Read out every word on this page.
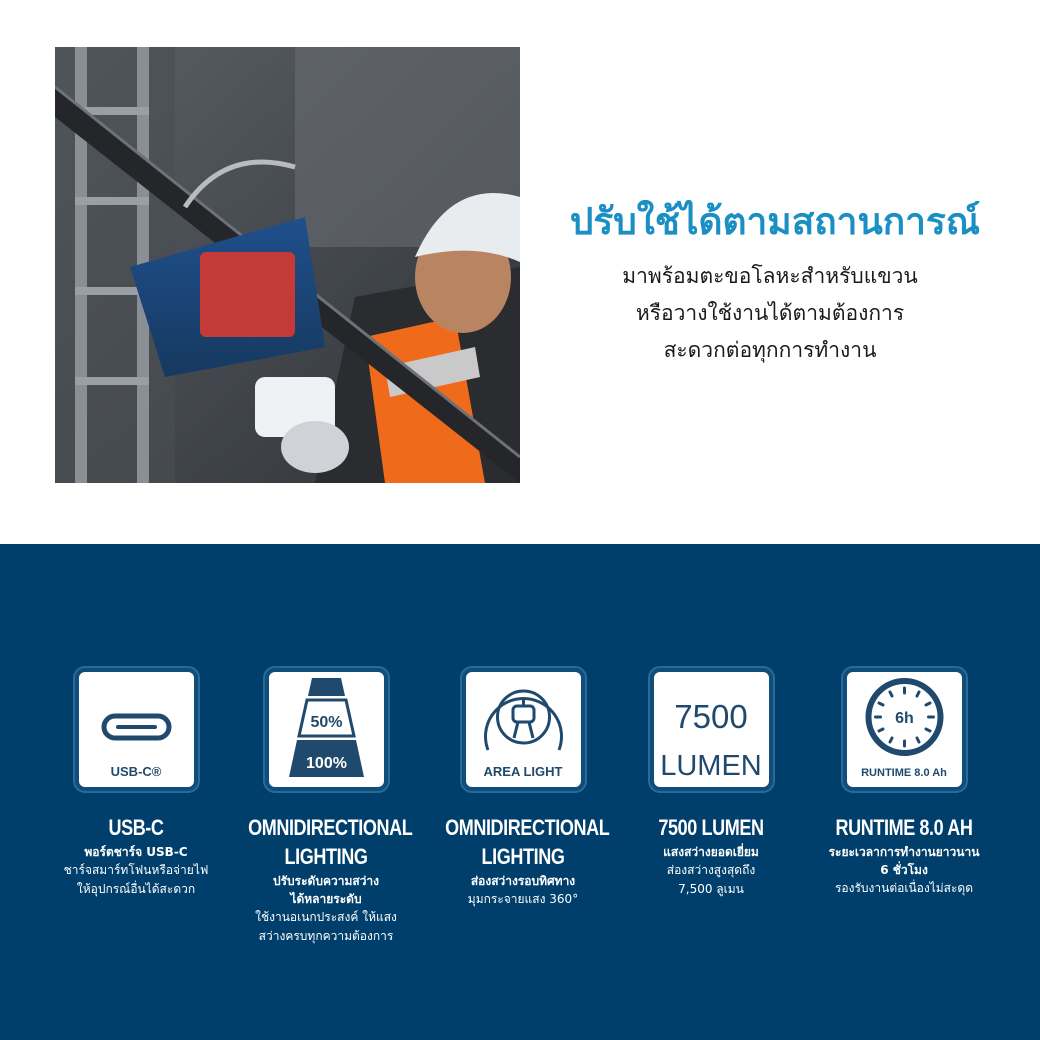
ปรับใช้ได้ตามสถานการณ์
มาพร้อมตะขอโลหะสำหรับแขวน
หรือวางใช้งานได้ตามต้องการ
สะดวกต่อทุกการทำงาน
USB-C®
USB-C
พอร์ตชาร์จ USB-C
ชาร์จสมาร์ทโฟนหรือจ่ายไฟ
ให้อุปกรณ์อื่นได้สะดวก
50%
100%
OMNIDIRECTIONAL
LIGHTING
ปรับระดับความสว่าง
ได้หลายระดับ
ใช้งานอเนกประสงค์ ให้แสง
สว่างครบทุกความต้องการ
AREA LIGHT
OMNIDIRECTIONAL
LIGHTING
ส่องสว่างรอบทิศทาง
มุมกระจายแสง 360°
7500
LUMEN
7500 LUMEN
แสงสว่างยอดเยี่ยม
ส่องสว่างสูงสุดถึง
7,500 ลูเมน
6h
RUNTIME 8.0 Ah
RUNTIME 8.0 AH
ระยะเวลาการทำงานยาวนาน
6 ชั่วโมง
รองรับงานต่อเนื่องไม่สะดุด
